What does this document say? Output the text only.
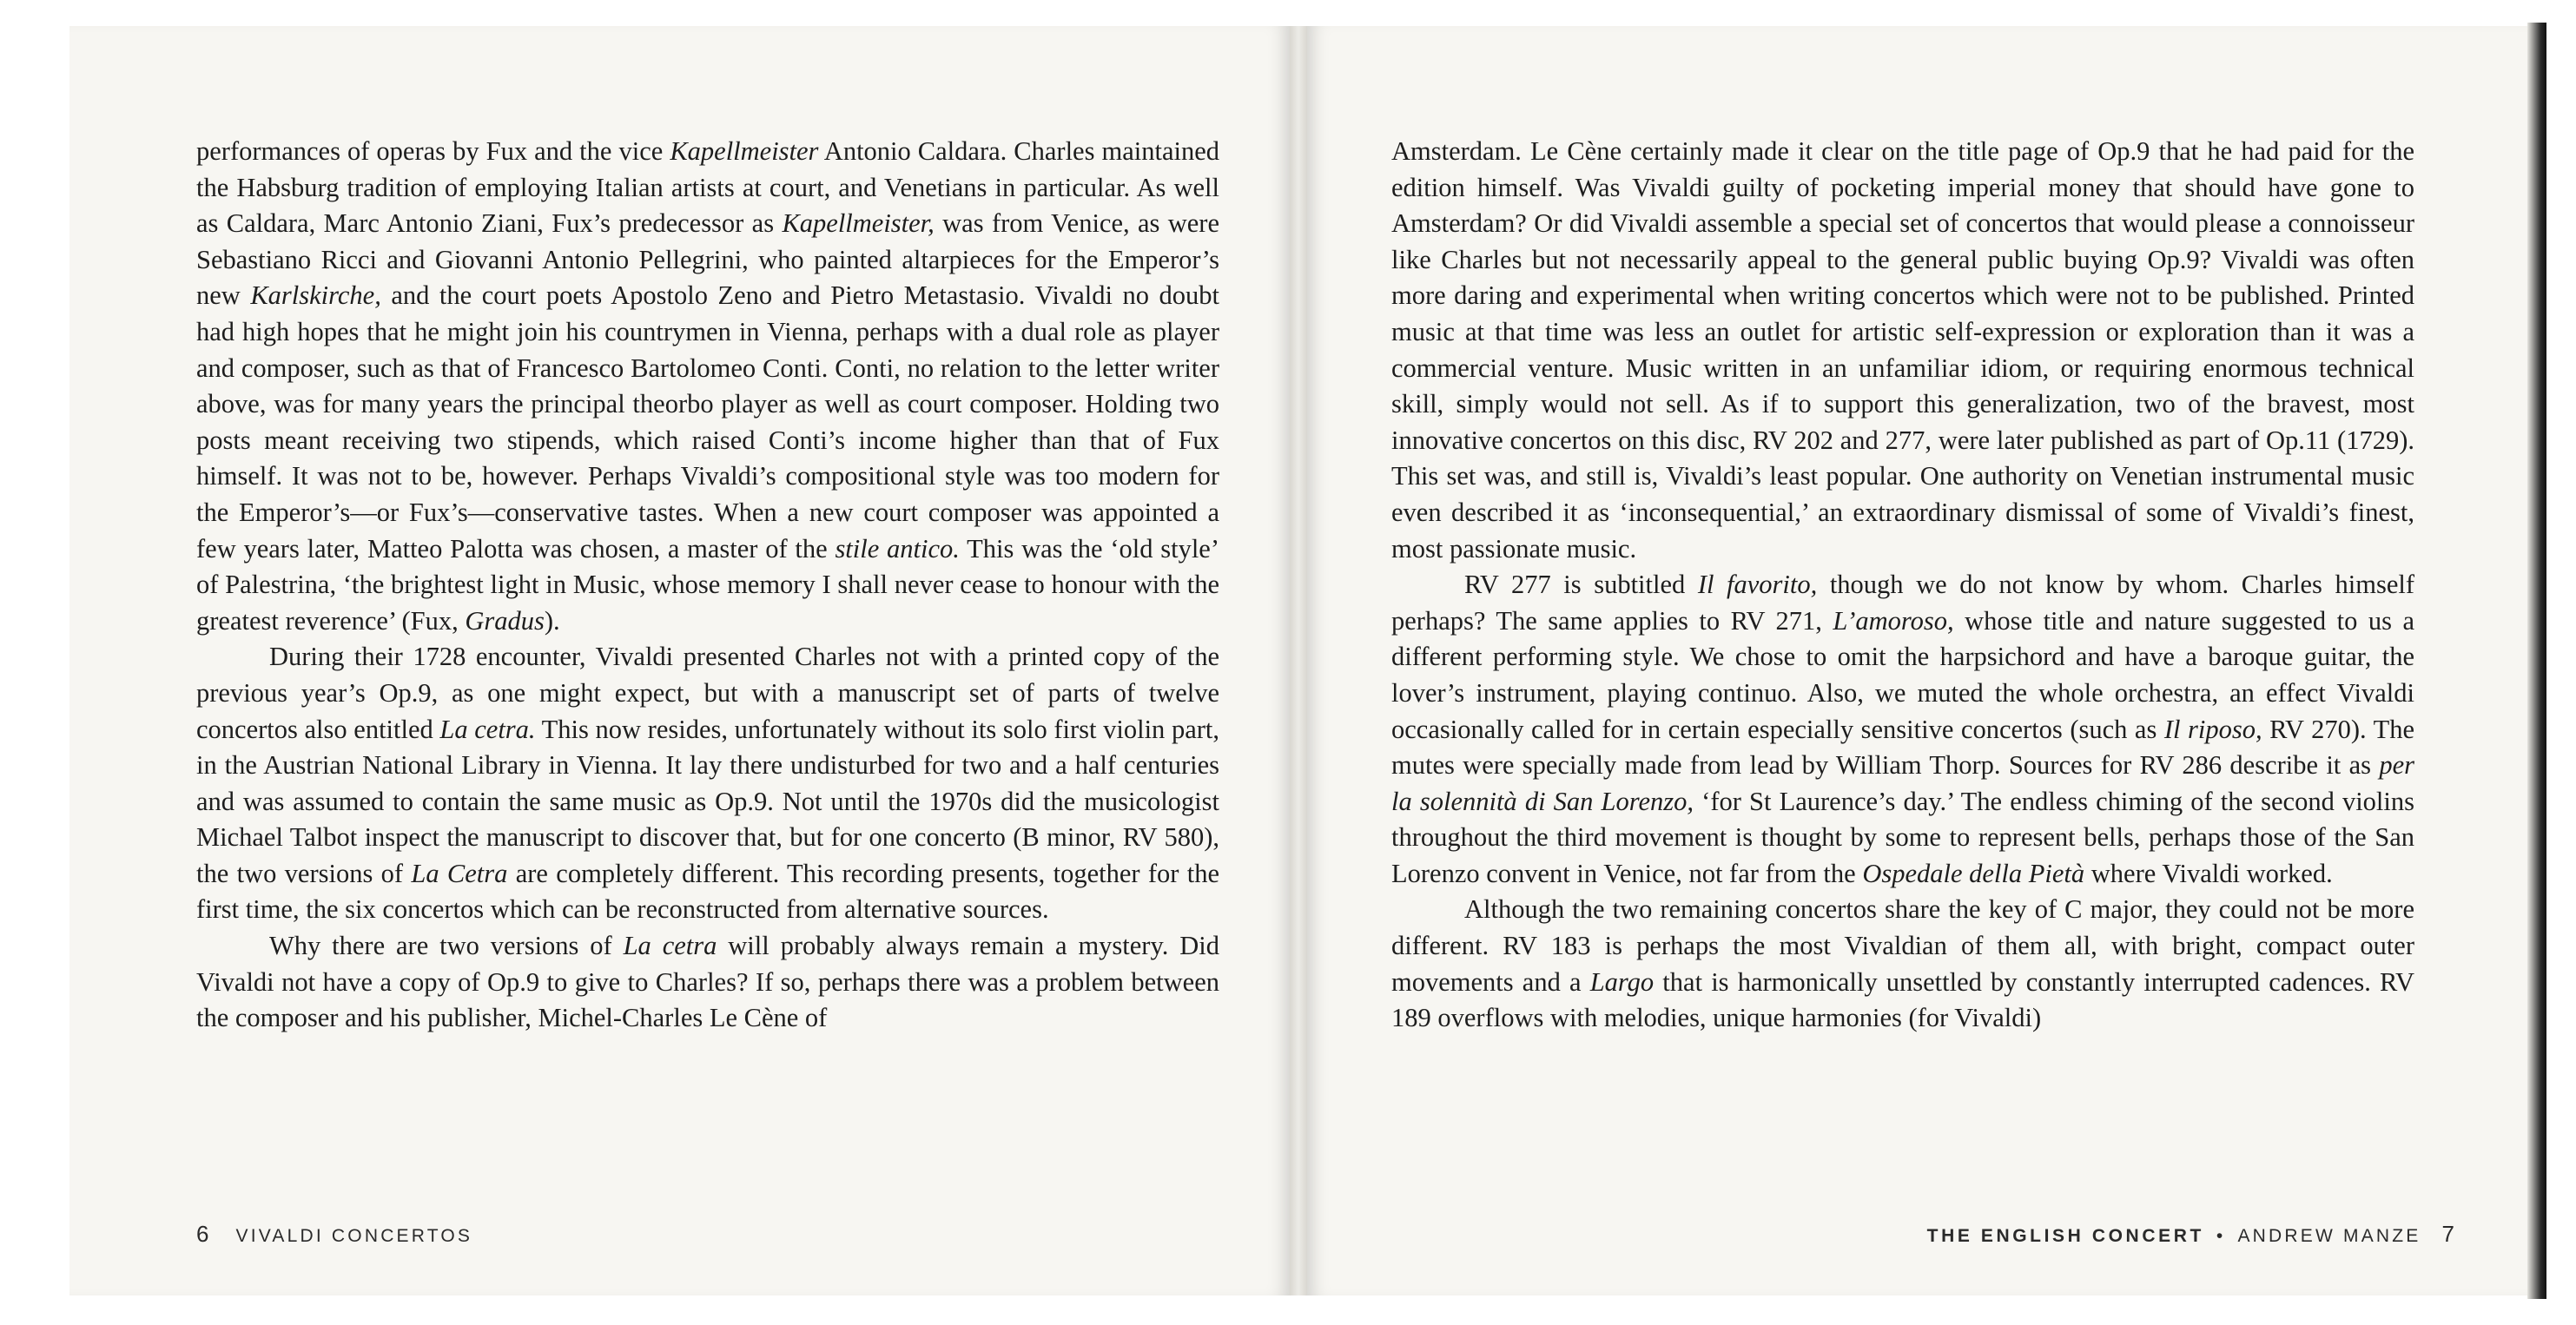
performances of operas by Fux and the vice Kapellmeister Antonio Caldara. Charles maintained the Habsburg tradition of employing Italian artists at court, and Venetians in particular. As well as Caldara, Marc Antonio Ziani, Fux’s predecessor as Kapellmeister, was from Venice, as were Sebastiano Ricci and Giovanni Antonio Pellegrini, who painted altarpieces for the Emperor’s new Karlskirche, and the court poets Apostolo Zeno and Pietro Metastasio. Vivaldi no doubt had high hopes that he might join his countrymen in Vienna, perhaps with a dual role as player and composer, such as that of Francesco Bartolomeo Conti. Conti, no relation to the letter writer above, was for many years the principal theorbo player as well as court composer. Holding two posts meant receiving two stipends, which raised Conti’s income higher than that of Fux himself. It was not to be, however. Perhaps Vivaldi’s compositional style was too modern for the Emperor’s—or Fux’s—conservative tastes. When a new court composer was appointed a few years later, Matteo Palotta was chosen, a master of the stile antico. This was the ‘old style’ of Palestrina, ‘the brightest light in Music, whose memory I shall never cease to honour with the greatest reverence’ (Fux, Gradus).

During their 1728 encounter, Vivaldi presented Charles not with a printed copy of the previous year’s Op.9, as one might expect, but with a manuscript set of parts of twelve concertos also entitled La cetra. This now resides, unfortunately without its solo first violin part, in the Austrian National Library in Vienna. It lay there undisturbed for two and a half centuries and was assumed to contain the same music as Op.9. Not until the 1970s did the musicologist Michael Talbot inspect the manuscript to discover that, but for one concerto (B minor, RV 580), the two versions of La Cetra are completely different. This recording presents, together for the first time, the six concertos which can be reconstructed from alternative sources.

Why there are two versions of La cetra will probably always remain a mystery. Did Vivaldi not have a copy of Op.9 to give to Charles? If so, perhaps there was a problem between the composer and his publisher, Michel-Charles Le Cène of

6 VIVALDI CONCERTOS

Amsterdam. Le Cène certainly made it clear on the title page of Op.9 that he had paid for the edition himself. Was Vivaldi guilty of pocketing imperial money that should have gone to Amsterdam? Or did Vivaldi assemble a special set of concertos that would please a connoisseur like Charles but not necessarily appeal to the general public buying Op.9? Vivaldi was often more daring and experimental when writing concertos which were not to be published. Printed music at that time was less an outlet for artistic self-expression or exploration than it was a commercial venture. Music written in an unfamiliar idiom, or requiring enormous technical skill, simply would not sell. As if to support this generalization, two of the bravest, most innovative concertos on this disc, RV 202 and 277, were later published as part of Op.11 (1729). This set was, and still is, Vivaldi’s least popular. One authority on Venetian instrumental music even described it as ‘inconsequential,’ an extraordinary dismissal of some of Vivaldi’s finest, most passionate music.

RV 277 is subtitled Il favorito, though we do not know by whom. Charles himself perhaps? The same applies to RV 271, L’amoroso, whose title and nature suggested to us a different performing style. We chose to omit the harpsichord and have a baroque guitar, the lover’s instrument, playing continuo. Also, we muted the whole orchestra, an effect Vivaldi occasionally called for in certain especially sensitive concertos (such as Il riposo, RV 270). The mutes were specially made from lead by William Thorp. Sources for RV 286 describe it as per la solennità di San Lorenzo, ‘for St Laurence’s day.’ The endless chiming of the second violins throughout the third movement is thought by some to represent bells, perhaps those of the San Lorenzo convent in Venice, not far from the Ospedale della Pietà where Vivaldi worked.

Although the two remaining concertos share the key of C major, they could not be more different. RV 183 is perhaps the most Vivaldian of them all, with bright, compact outer movements and a Largo that is harmonically unsettled by constantly interrupted cadences. RV 189 overflows with melodies, unique harmonies (for Vivaldi)

THE ENGLISH CONCERT • ANDREW MANZE 7
